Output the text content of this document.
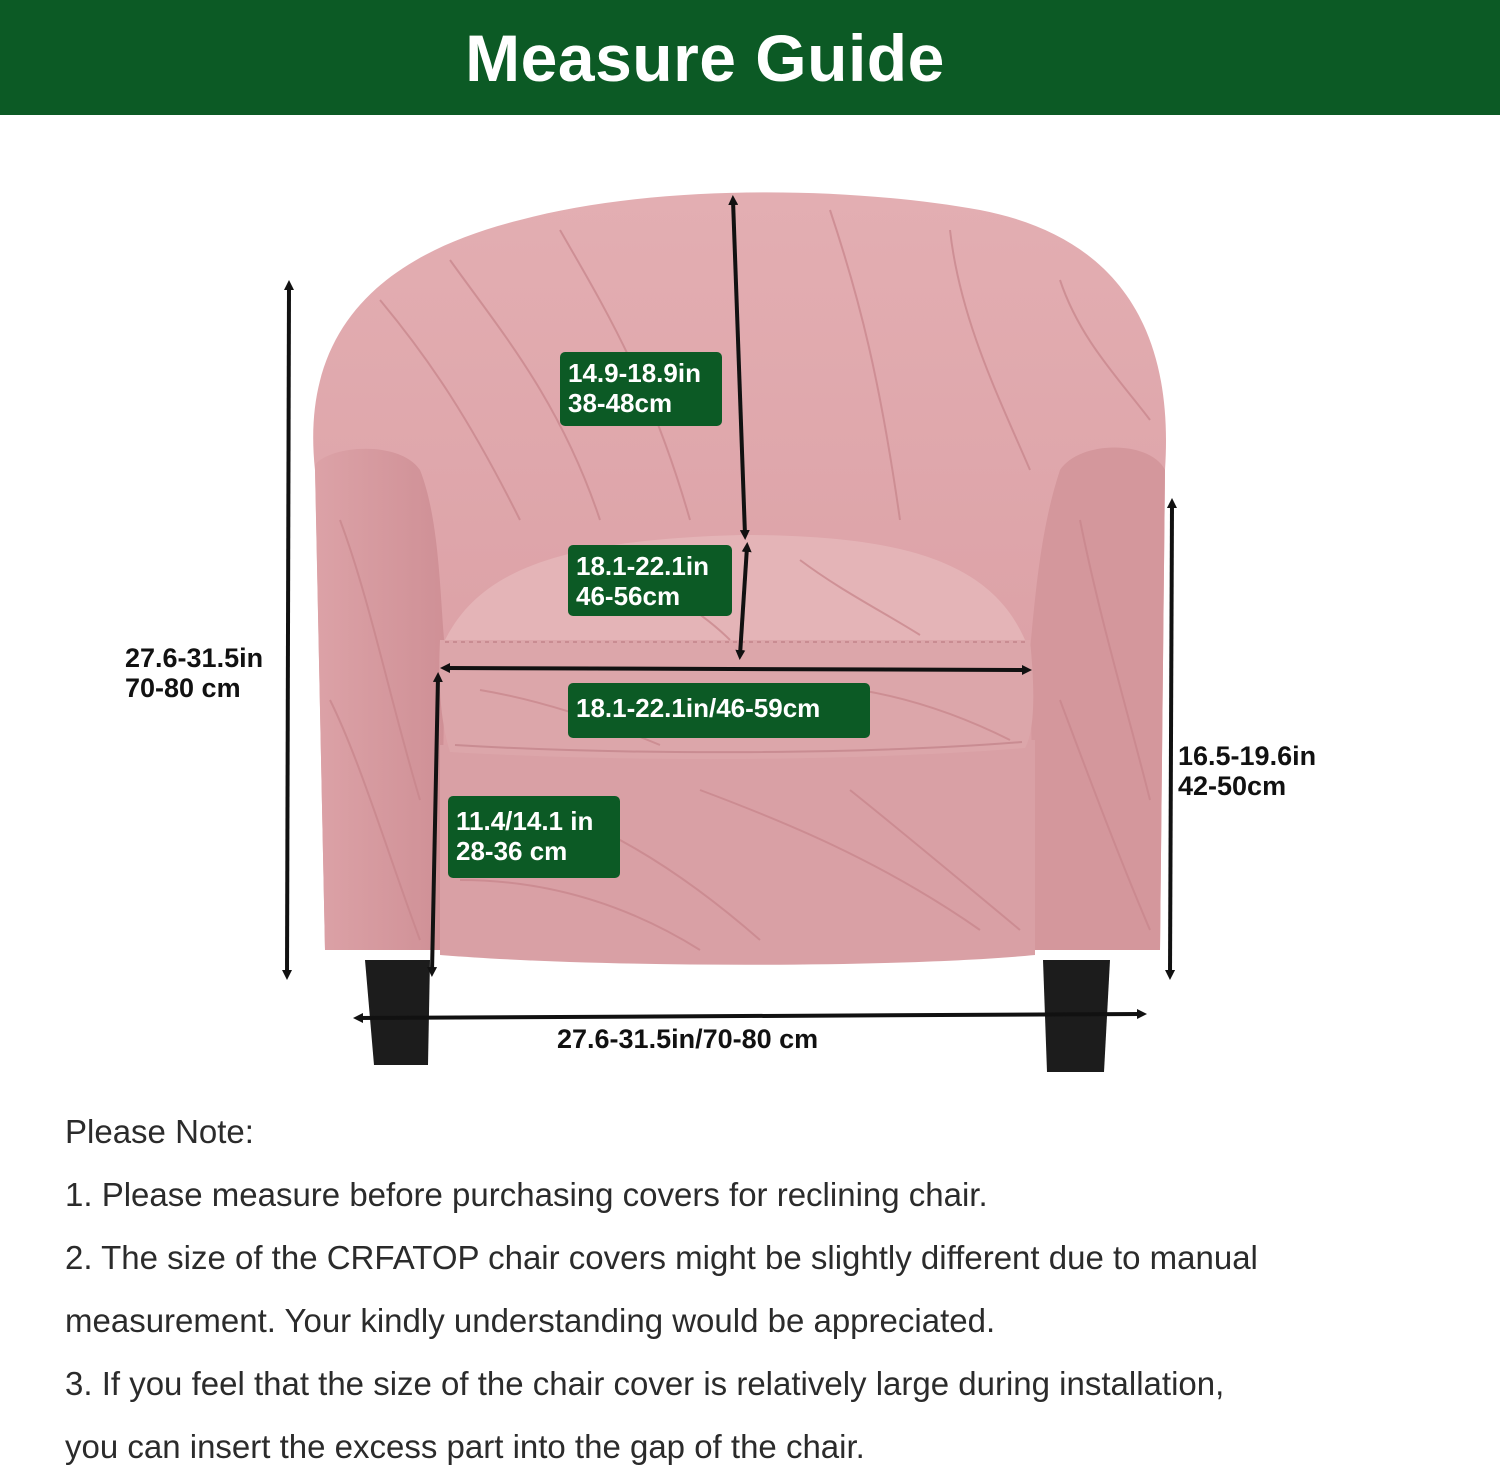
Measure Guide
14.9-18.9in
38-48cm
18.1-22.1in
46-56cm
18.1-22.1in/46-59cm
11.4/14.1 in
28-36 cm
27.6-31.5in
70-80 cm
16.5-19.6in
42-50cm
27.6-31.5in/70-80 cm
Please Note:
1. Please measure before purchasing covers for reclining chair.
2. The size of the CRFATOP chair covers might be slightly different due to manual
measurement. Your kindly understanding would be appreciated.
3. If you feel that the size of the chair cover is relatively large during installation,
you can insert the excess part into the gap of the chair.
